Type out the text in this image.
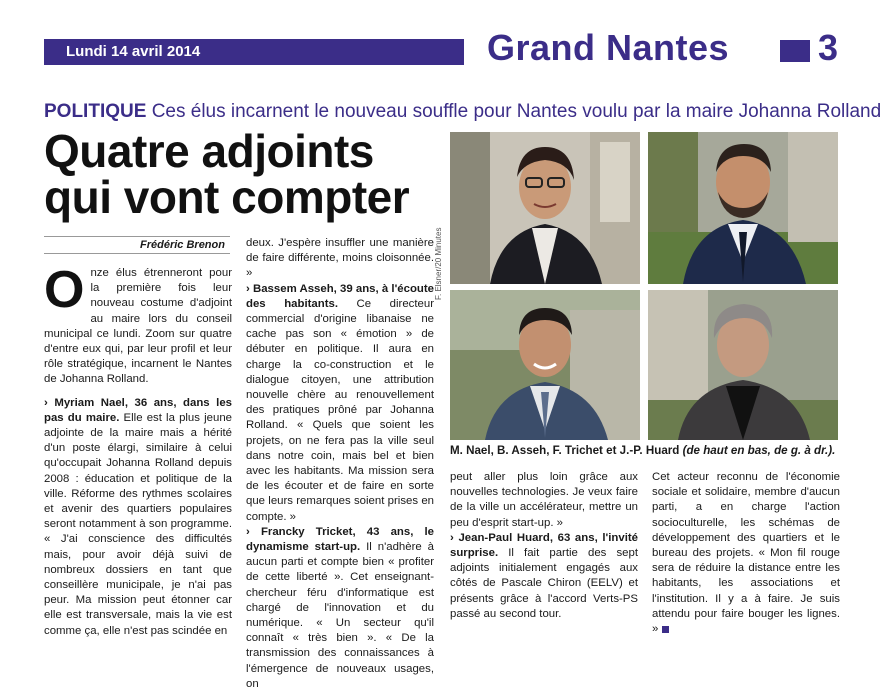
Lundi 14 avril 2014	Grand Nantes 3
POLITIQUE Ces élus incarnent le nouveau souffle pour Nantes voulu par la maire Johanna Rolland
Quatre adjoints
qui vont compter
Frédéric Brenon

Onze élus étrenneront pour la première fois leur nouveau costume d'adjoint au maire lors du conseil municipal ce lundi. Zoom sur quatre d'entre eux qui, par leur profil et leur rôle stratégique, incarnent le Nantes de Johanna Rolland.

› Myriam Nael, 36 ans, dans les pas du maire. Elle est la plus jeune adjointe de la maire mais a hérité d'un poste élargi, similaire à celui qu'occupait Johanna Rolland depuis 2008 : éducation et politique de la ville. Réforme des rythmes scolaires et avenir des quartiers populaires seront notamment à son programme. « J'ai conscience des difficultés mais, pour avoir déjà suivi de nombreux dossiers en tant que conseillère municipale, je n'ai pas peur. Ma mission peut étonner car elle est transversale, mais la vie est comme ça, elle n'est pas scindée en

deux. J'espère insuffler une manière de faire différente, moins cloisonnée. »

› Bassem Asseh, 39 ans, à l'écoute des habitants. Ce directeur commercial d'origine libanaise ne cache pas son « émotion » de débuter en politique. Il aura en charge la co-construction et le dialogue citoyen, une attribution nouvelle chère au renouvellement des pratiques prôné par Johanna Rolland. « Quels que soient les projets, on ne fera pas la ville seul dans notre coin, mais bel et bien avec les habitants. Ma mission sera de les écouter et de faire en sorte que leurs remarques soient prises en compte. »

› Francky Tricket, 43 ans, le dynamisme start-up. Il n'adhère à aucun parti et compte bien « profiter de cette liberté ». Cet enseignant-chercheur féru d'informatique est chargé de l'innovation et du numérique. « Un secteur qu'il connaît « très bien ». « De la transmission des connaissances à l'émergence de nouveaux usages, on

F. Elsner/20 Minutes
M. Nael, B. Asseh, F. Trichet et J.-P. Huard (de haut en bas, de g. à dr.).

peut aller plus loin grâce aux nouvelles technologies. Je veux faire de la ville un accélérateur, mettre un peu d'esprit start-up. »

› Jean-Paul Huard, 63 ans, l'invité surprise. Il fait partie des sept adjoints initialement engagés aux côtés de Pascale Chiron (EELV) et présents grâce à l'accord Verts-PS passé au second tour.

Cet acteur reconnu de l'économie sociale et solidaire, membre d'aucun parti, a en charge l'action socioculturelle, les schémas de développement des quartiers et le bureau des projets. « Mon fil rouge sera de réduire la distance entre les habitants, les associations et l'institution. Il y a à faire. Je suis attendu pour faire bouger les lignes. »
